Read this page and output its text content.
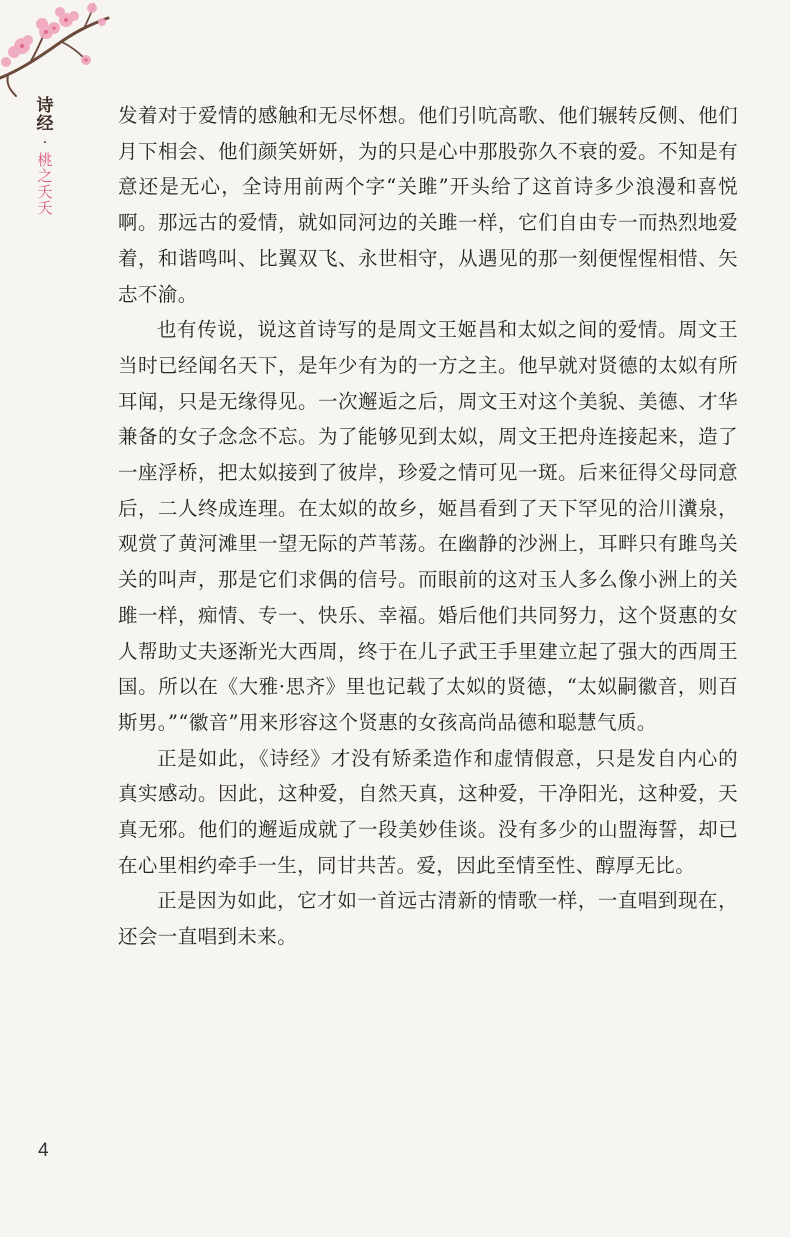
诗
经
·
桃
之
夭
夭

发着对于爱情的感触和无尽怀想。他们引吭高歌、他们辗转反侧、他们月下相会、他们颜笑妍妍，为的只是心中那股弥久不衰的爱。不知是有意还是无心，全诗用前两个字“关雎”开头给了这首诗多少浪漫和喜悦啊。那远古的爱情，就如同河边的关雎一样，它们自由专一而热烈地爱着，和谐鸣叫、比翼双飞、永世相守，从遇见的那一刻便惺惺相惜、矢志不渝。

也有传说，说这首诗写的是周文王姬昌和太姒之间的爱情。周文王当时已经闻名天下，是年少有为的一方之主。他早就对贤德的太姒有所耳闻，只是无缘得见。一次邂逅之后，周文王对这个美貌、美德、才华兼备的女子念念不忘。为了能够见到太姒，周文王把舟连接起来，造了一座浮桥，把太姒接到了彼岸，珍爱之情可见一斑。后来征得父母同意后，二人终成连理。在太姒的故乡，姬昌看到了天下罕见的洽川瀵泉，观赏了黄河滩里一望无际的芦苇荡。在幽静的沙洲上，耳畔只有雎鸟关关的叫声，那是它们求偶的信号。而眼前的这对玉人多么像小洲上的关雎一样，痴情、专一、快乐、幸福。婚后他们共同努力，这个贤惠的女人帮助丈夫逐渐光大西周，终于在儿子武王手里建立起了强大的西周王国。所以在《大雅·思齐》里也记载了太姒的贤德，“太姒嗣徽音，则百斯男。”“徽音”用来形容这个贤惠的女孩高尚品德和聪慧气质。

正是如此，《诗经》才没有矫柔造作和虚情假意，只是发自内心的真实感动。因此，这种爱，自然天真，这种爱，干净阳光，这种爱，天真无邪。他们的邂逅成就了一段美妙佳谈。没有多少的山盟海誓，却已在心里相约牵手一生，同甘共苦。爱，因此至情至性、醇厚无比。

正是因为如此，它才如一首远古清新的情歌一样，一直唱到现在，还会一直唱到未来。

4
